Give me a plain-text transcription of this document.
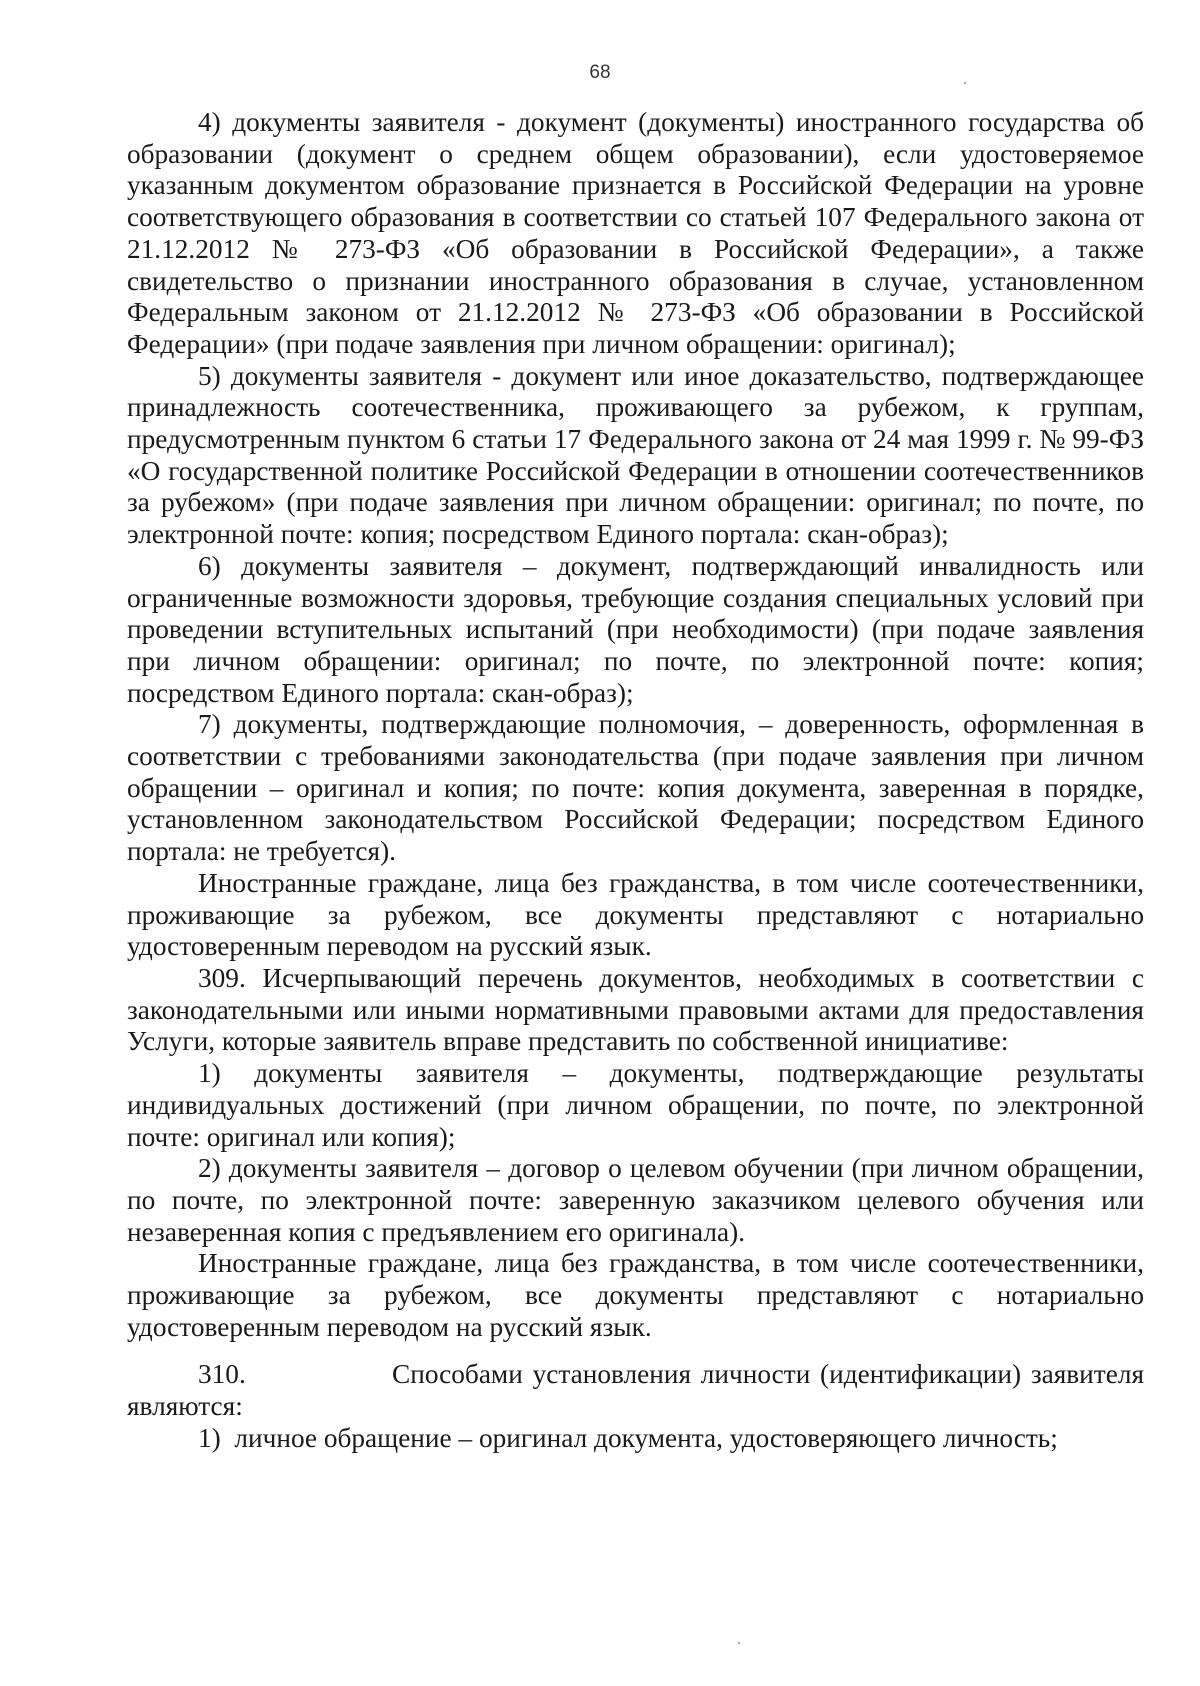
68

4) документы заявителя - документ (документы) иностранного государства об образовании (документ о среднем общем образовании), если удостоверяемое указанным документом образование признается в Российской Федерации на уровне соответствующего образования в соответствии со статьей 107 Федерального закона от 21.12.2012 № 273-ФЗ «Об образовании в Российской Федерации», а также свидетельство о признании иностранного образования в случае, установленном Федеральным законом от 21.12.2012 № 273-ФЗ «Об образовании в Российской Федерации» (при подаче заявления при личном обращении: оригинал);

5) документы заявителя - документ или иное доказательство, подтверждающее принадлежность соотечественника, проживающего за рубежом, к группам, предусмотренным пунктом 6 статьи 17 Федерального закона от 24 мая 1999 г. № 99-ФЗ «О государственной политике Российской Федерации в отношении соотечественников за рубежом» (при подаче заявления при личном обращении: оригинал; по почте, по электронной почте: копия; посредством Единого портала: скан-образ);

6) документы заявителя – документ, подтверждающий инвалидность или ограниченные возможности здоровья, требующие создания специальных условий при проведении вступительных испытаний (при необходимости) (при подаче заявления при личном обращении: оригинал; по почте, по электронной почте: копия; посредством Единого портала: скан-образ);

7) документы, подтверждающие полномочия, – доверенность, оформленная в соответствии с требованиями законодательства (при подаче заявления при личном обращении – оригинал и копия; по почте: копия документа, заверенная в порядке, установленном законодательством Российской Федерации; посредством Единого портала: не требуется).

Иностранные граждане, лица без гражданства, в том числе соотечественники, проживающие за рубежом, все документы представляют с нотариально удостоверенным переводом на русский язык.

309. Исчерпывающий перечень документов, необходимых в соответствии с законодательными или иными нормативными правовыми актами для предоставления Услуги, которые заявитель вправе представить по собственной инициативе:

1) документы заявителя – документы, подтверждающие результаты индивидуальных достижений (при личном обращении, по почте, по электронной почте: оригинал или копия);

2) документы заявителя – договор о целевом обучении (при личном обращении, по почте, по электронной почте: заверенную заказчиком целевого обучения или незаверенная копия с предъявлением его оригинала).

Иностранные граждане, лица без гражданства, в том числе соотечественники, проживающие за рубежом, все документы представляют с нотариально удостоверенным переводом на русский язык.

310.               Способами установления личности (идентификации) заявителя являются:

1)  личное обращение – оригинал документа, удостоверяющего личность;
